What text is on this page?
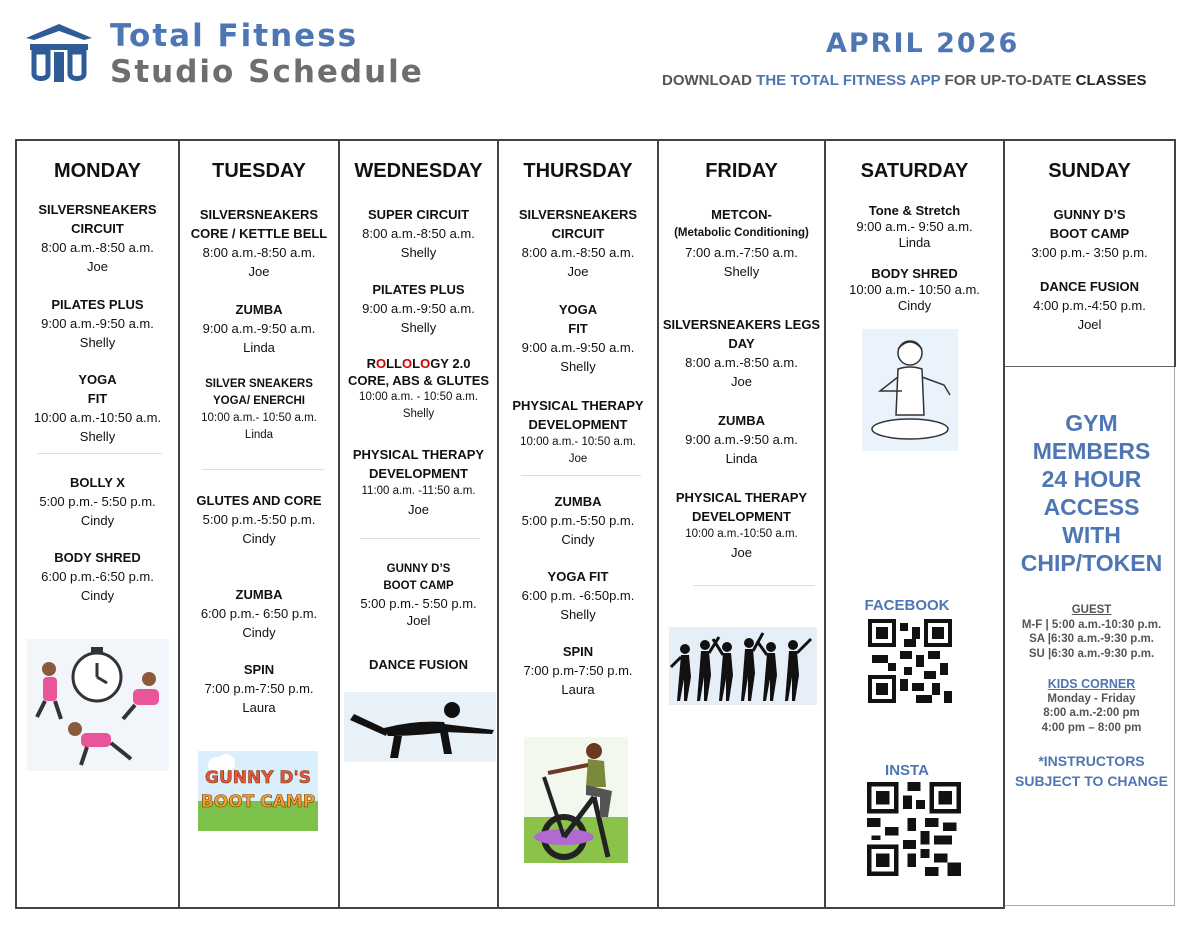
Total Fitness
Studio Schedule
APRIL 2026
DOWNLOAD THE TOTAL FITNESS APP FOR UP-TO-DATE CLASSES
MONDAY
SILVERSNEAKERS
CIRCUIT
8:00 a.m.-8:50 a.m.
Joe
PILATES PLUS
9:00 a.m.-9:50 a.m.
Shelly
YOGA
FIT
10:00 a.m.-10:50 a.m.
Shelly
BOLLY X
5:00 p.m.- 5:50 p.m.
Cindy
BODY SHRED
6:00 p.m.-6:50 p.m.
Cindy
TUESDAY
SILVERSNEAKERS
CORE / KETTLE BELL
8:00 a.m.-8:50 a.m.
Joe
ZUMBA
9:00 a.m.-9:50 a.m.
Linda
SILVER SNEAKERS
YOGA/ ENERCHI
10:00 a.m.- 10:50 a.m.
Linda
GLUTES AND CORE
5:00 p.m.-5:50 p.m.
Cindy
ZUMBA
6:00 p.m.- 6:50 p.m.
Cindy
SPIN
7:00 p.m-7:50 p.m.
Laura
GUNNY D'S
BOOT CAMP
WEDNESDAY
SUPER CIRCUIT
8:00 a.m.-8:50 a.m.
Shelly
PILATES PLUS
9:00 a.m.-9:50 a.m.
Shelly
ROLLOLOGY 2.0
CORE, ABS & GLUTES
10:00 a.m. - 10:50 a.m.
Shelly
PHYSICAL THERAPY
DEVELOPMENT
11:00 a.m. -11:50 a.m.
Joe
GUNNY D’S
BOOT CAMP
5:00 p.m.- 5:50 p.m.
Joel
DANCE FUSION
THURSDAY
SILVERSNEAKERS
CIRCUIT
8:00 a.m.-8:50 a.m.
Joe
YOGA
FIT
9:00 a.m.-9:50 a.m.
Shelly
PHYSICAL THERAPY
DEVELOPMENT
10:00 a.m.- 10:50 a.m.
Joe
ZUMBA
5:00 p.m.-5:50 p.m.
Cindy
YOGA FIT
6:00 p.m. -6:50p.m.
Shelly
SPIN
7:00 p.m-7:50 p.m.
Laura
FRIDAY
METCON-
(Metabolic Conditioning)
7:00 a.m.-7:50 a.m.
Shelly
SILVERSNEAKERS LEGS
DAY
8:00 a.m.-8:50 a.m.
Joe
ZUMBA
9:00 a.m.-9:50 a.m.
Linda
PHYSICAL THERAPY
DEVELOPMENT
10:00 a.m.-10:50 a.m.
Joe
SATURDAY
Tone & Stretch
9:00 a.m.- 9:50 a.m.
Linda
BODY SHRED
10:00 a.m.- 10:50 a.m.
Cindy
FACEBOOK
INSTA
SUNDAY
GUNNY D’S
BOOT CAMP
3:00 p.m.- 3:50 p.m.
DANCE FUSION
4:00 p.m.-4:50 p.m.
Joel
GYM
MEMBERS
24 HOUR
ACCESS
WITH
CHIP/TOKEN
GUEST
M-F | 5:00 a.m.-10:30 p.m.
SA |6:30 a.m.-9:30 p.m.
SU |6:30 a.m.-9:30 p.m.
KIDS CORNER
Monday - Friday
8:00 a.m.-2:00 pm
4:00 pm – 8:00 pm
*INSTRUCTORS
SUBJECT TO CHANGE
